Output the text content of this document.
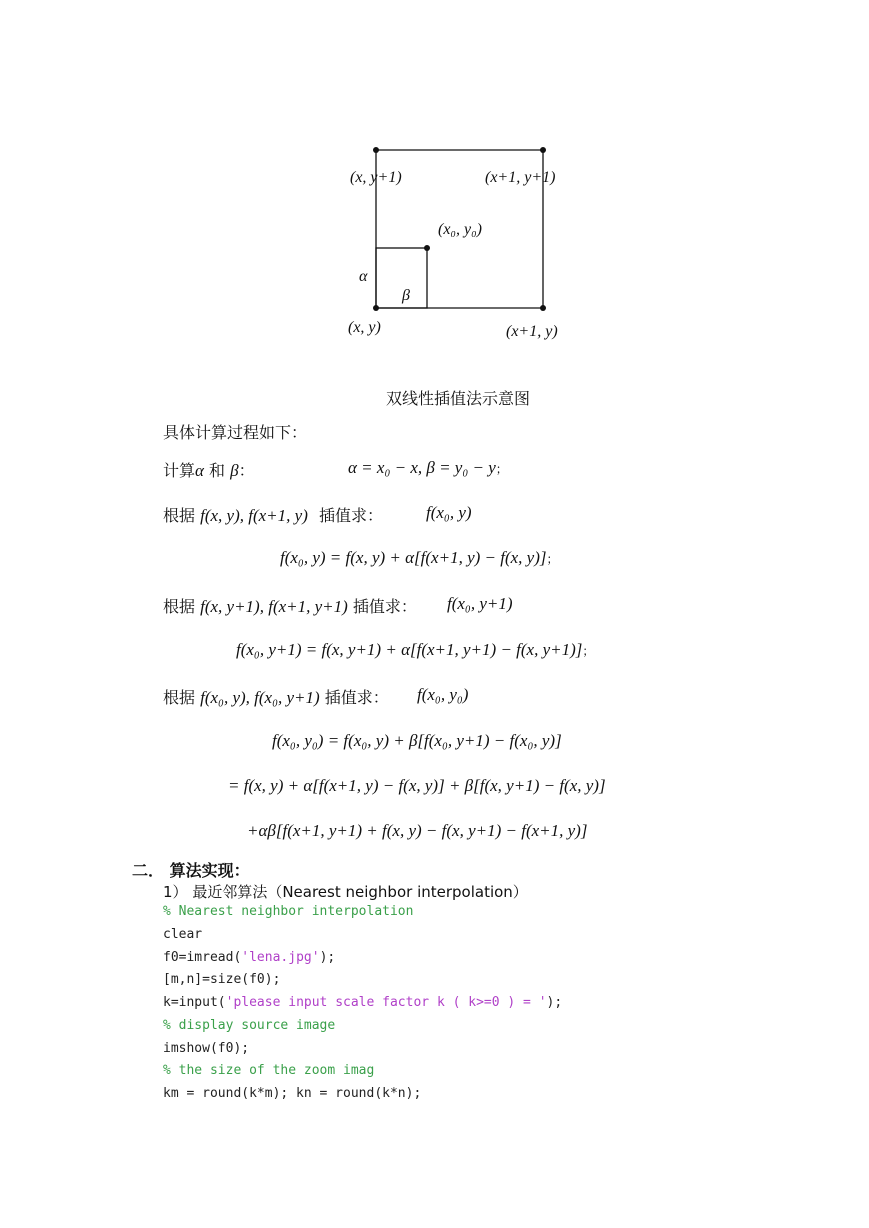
(x, y+1)	(x+1, y+1)
(x₀, y₀)
α
β
(x, y)	(x+1, y)
双线性插值法示意图
具体计算过程如下：
计算α 和 β：	α = x₀ − x, β = y₀ − y；
根据 f(x, y), f(x+1, y) 插值求：	f(x₀, y)
f(x₀, y) = f(x, y) + α[f(x+1, y) − f(x, y)]；
根据 f(x, y+1), f(x+1, y+1) 插值求： f(x₀, y+1)
f(x₀, y+1) = f(x, y+1) + α[f(x+1, y+1) − f(x, y+1)]；
根据 f(x₀, y), f(x₀, y+1) 插值求： f(x₀, y₀)
f(x₀, y₀) = f(x₀, y) + β[f(x₀, y+1) − f(x₀, y)]
= f(x, y) + α[f(x+1, y) − f(x, y)] + β[f(x, y+1) − f(x, y)]
+αβ[f(x+1, y+1) + f(x, y) − f(x, y+1) − f(x+1, y)]
二． 算法实现：
1） 最近邻算法（Nearest neighbor interpolation）
% Nearest neighbor interpolation
clear
f0=imread('lena.jpg');
[m,n]=size(f0);
k=input('please input scale factor k ( k>=0 ) = ');
% display source image
imshow(f0);
% the size of the zoom imag
km = round(k*m); kn = round(k*n);
